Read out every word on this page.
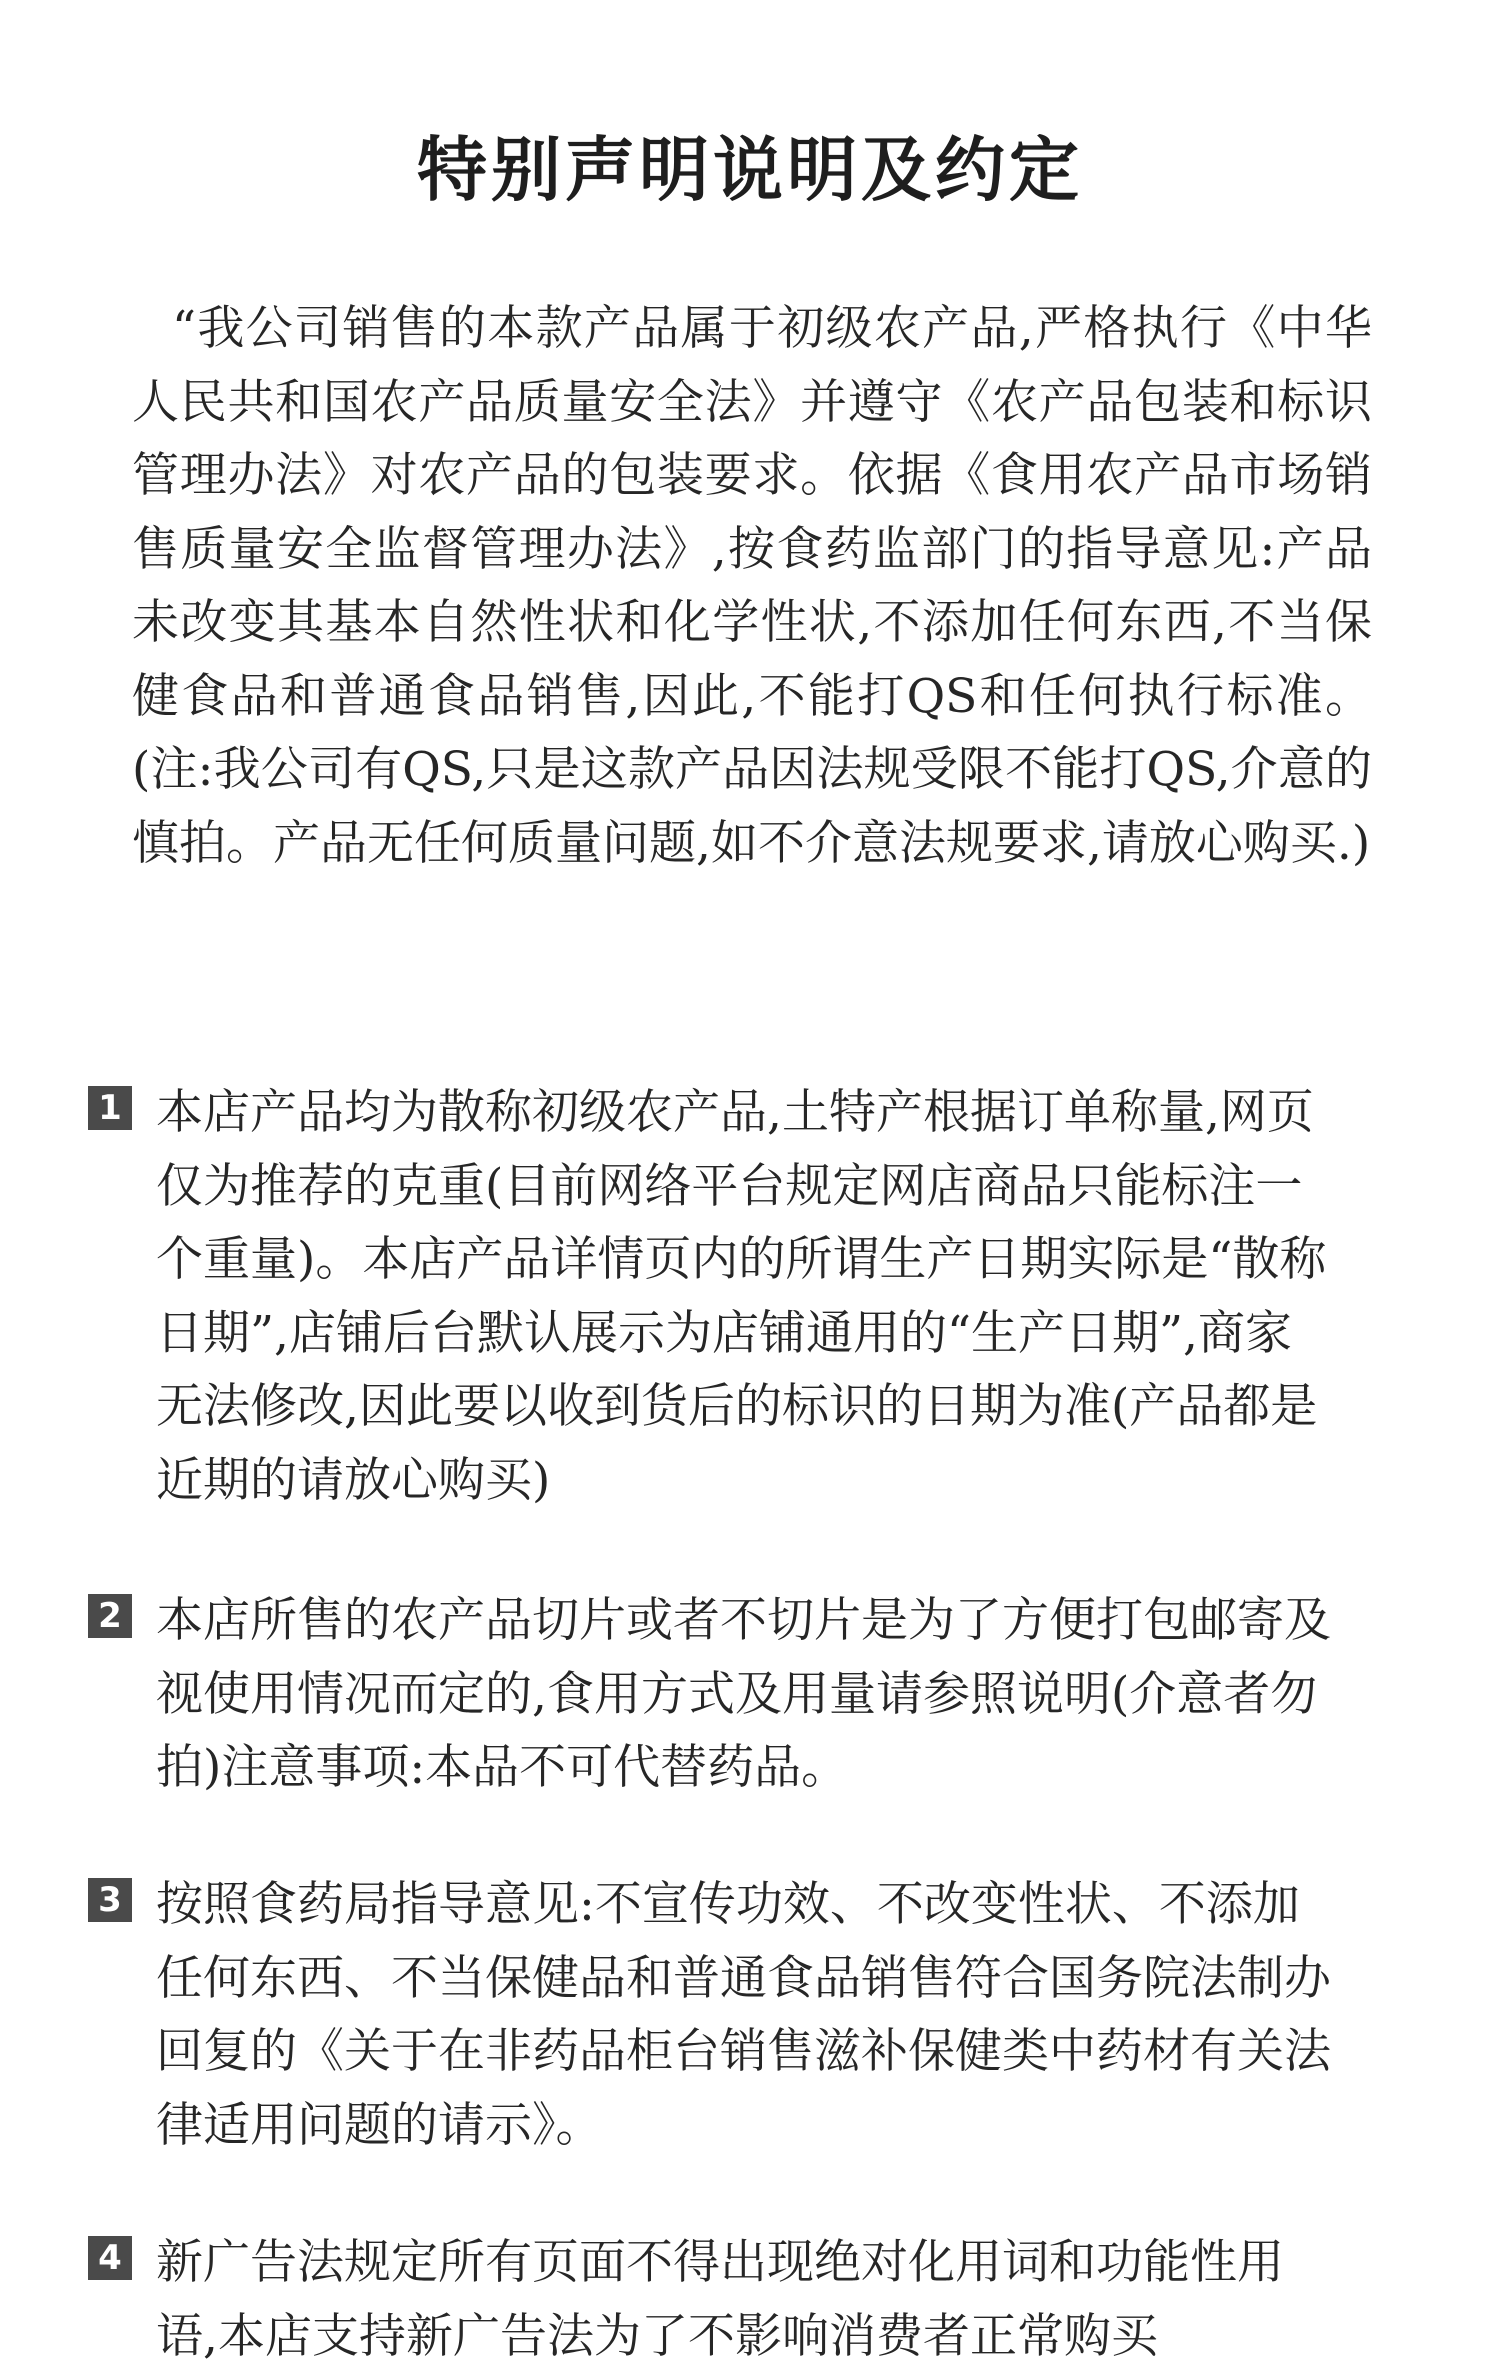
特别声明说明及约定

“我公司销售的本款产品属于初级农产品,严格执行《中华人民共和国农产品质量安全法》并遵守《农产品包装和标识管理办法》对农产品的包装要求。依据《食用农产品市场销售质量安全监督管理办法》,按食药监部门的指导意见:产品未改变其基本自然性状和化学性状,不添加任何东西,不当保健食品和普通食品销售,因此,不能打QS和任何执行标准。(注:我公司有QS,只是这款产品因法规受限不能打QS,介意的慎拍。产品无任何质量问题,如不介意法规要求,请放心购买.)

1 本店产品均为散称初级农产品,土特产根据订单称量,网页仅为推荐的克重(目前网络平台规定网店商品只能标注一个重量)。本店产品详情页内的所谓生产日期实际是“散称日期”,店铺后台默认展示为店铺通用的“生产日期”,商家无法修改,因此要以收到货后的标识的日期为准(产品都是近期的请放心购买)
2 本店所售的农产品切片或者不切片是为了方便打包邮寄及视使用情况而定的,食用方式及用量请参照说明(介意者勿拍)注意事项:本品不可代替药品。
3 按照食药局指导意见:不宣传功效、不改变性状、不添加任何东西、不当保健品和普通食品销售符合国务院法制办回复的《关于在非药品柜台销售滋补保健类中药材有关法律适用问题的请示》。
4 新广告法规定所有页面不得出现绝对化用词和功能性用语,本店支持新广告法为了不影响消费者正常购买
